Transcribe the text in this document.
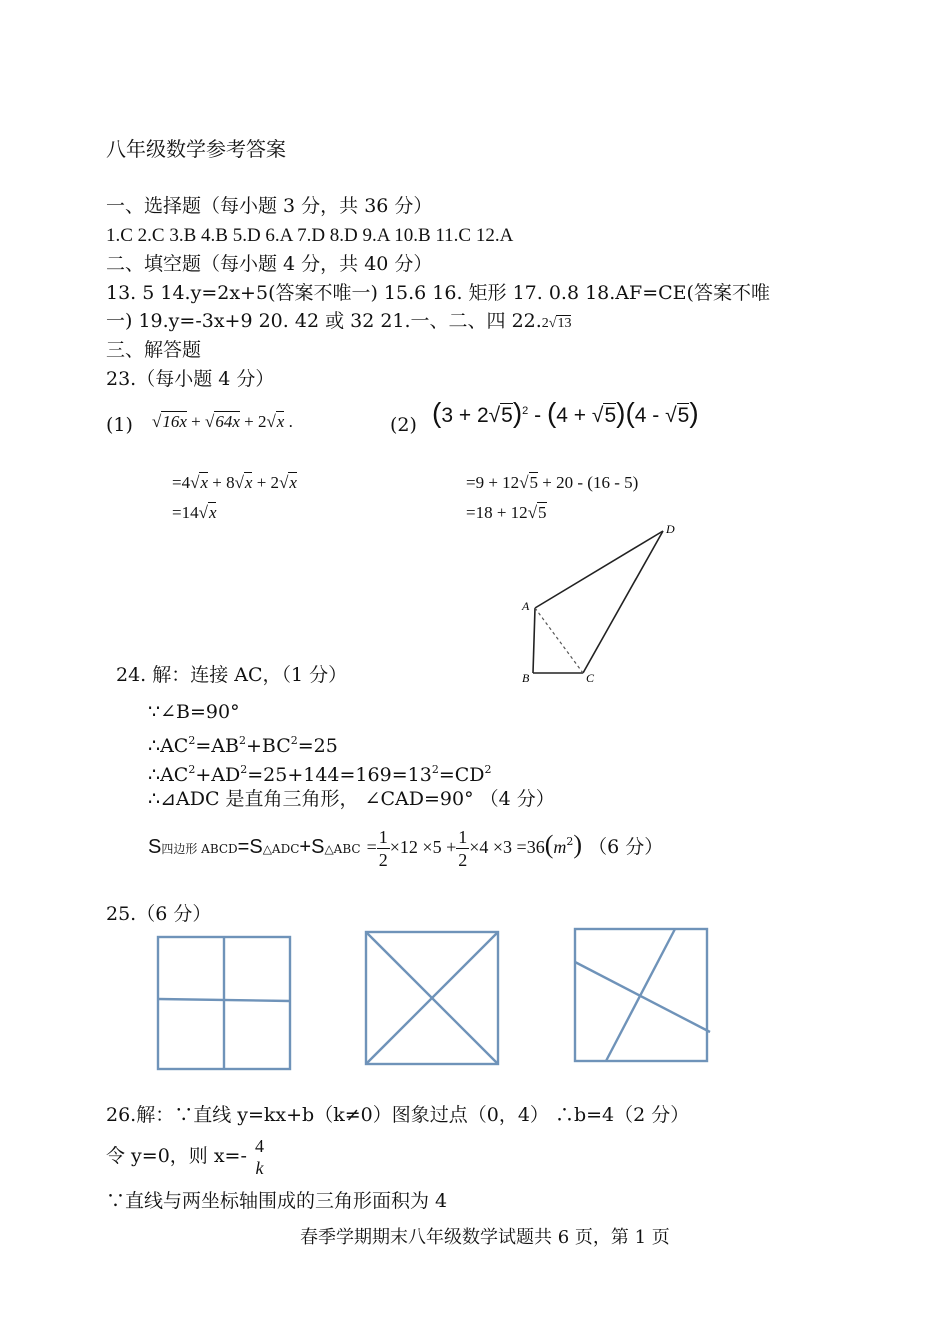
八年级数学参考答案
一、选择题（每小题 3 分，共 36 分）
1.C 2.C 3.B 4.B 5.D 6.A 7.D 8.D 9.A 10.B 11.C 12.A
二、填空题（每小题 4 分，共 40 分）
13. 5 14.y=2x+5(答案不唯一) 15.6 16. 矩形 17. 0.8 18.AF=CE(答案不唯
一) 19.y=-3x+9 20. 42 或 32 21.一、二、四 22.2√13
三、解答题
23.（每小题 4 分）
(1) √16x + √64x + 2√x .
=4√x + 8√x + 2√x
=14√x
(2) $(3 + 2√5)^2 - (4 + √5)(4 - √5)$
=9 + 12√5 + 20 - (16 - 5)
=18 + 12√5
A
B	C
D
24. 解：连接 AC，（1 分）
∵∠B=90°
$\therefore AC^2=AB^2+BC^2=25$
$\therefore AC^2+AD^2=25+144=169=13^2=CD^2$
∴⊿ADC 是直角三角形， ∠CAD=90° （4 分）
S四边形 ABCD=S△ADC+S△ABC = $\frac{1}{2} \times 12 \times 5 + \frac{1}{2} \times 4 \times 3 =36(m^2)$ （6 分）
25.（6 分）
26.解：∵直线 y=kx+b（k≠0）图象过点（0，4） ∴b=4（2 分）
令 y=0，则 x=- 4
k
∵直线与两坐标轴围成的三角形面积为 4
春季学期期末八年级数学试题共 6 页，第 1 页
